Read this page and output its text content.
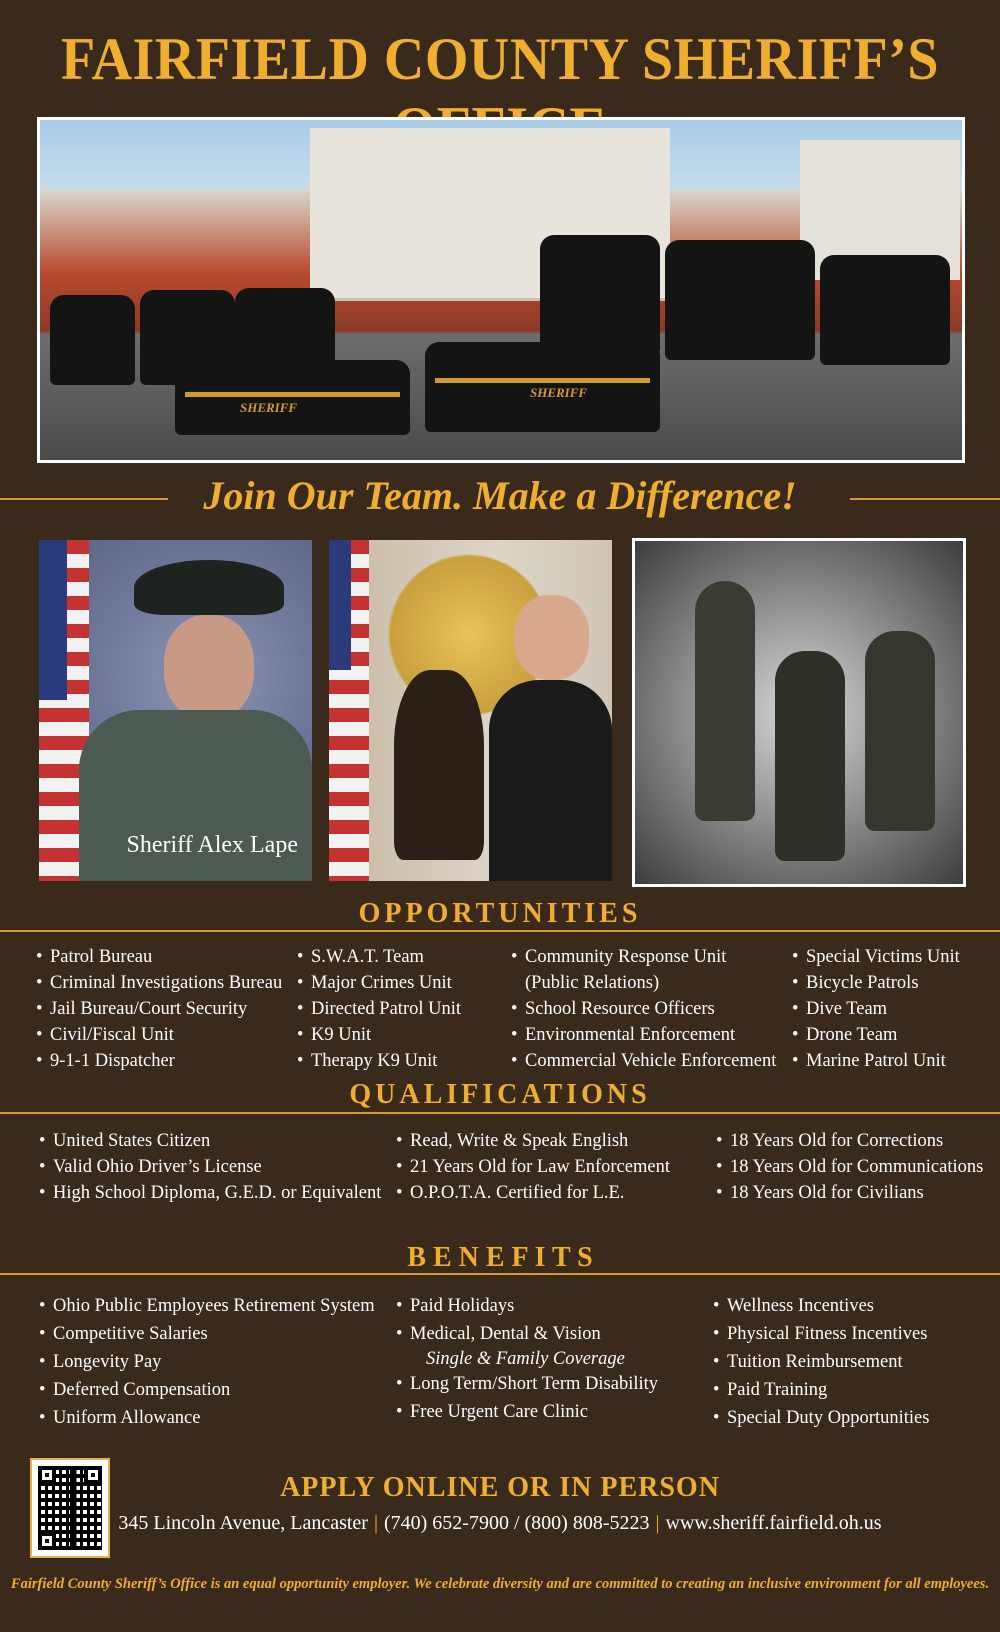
FAIRFIELD COUNTY SHERIFF’S
SHERIFF
SHERIFF
Join Our Team. Make a Difference!
Sheriff Alex Lape
OPPORTUNITIES
• Patrol Bureau
• Criminal Investigations Bureau
• Jail Bureau/Court Security
• Civil/Fiscal Unit
• 9-1-1 Dispatcher
• S.W.A.T. Team
• Major Crimes Unit
• Directed Patrol Unit
• K9 Unit
• Therapy K9 Unit
• Community Response Unit
(Public Relations)
• School Resource Officers
• Environmental Enforcement
• Commercial Vehicle Enforcement
• Special Victims Unit
• Bicycle Patrols
• Dive Team
• Drone Team
• Marine Patrol Unit
QUALIFICATIONS
• United States Citizen
• Valid Ohio Driver’s License
• High School Diploma, G.E.D. or Equivalent
• Read, Write & Speak English
• 21 Years Old for Law Enforcement
• O.P.O.T.A. Certified for L.E.
• 18 Years Old for Corrections
• 18 Years Old for Communications
• 18 Years Old for Civilians
B E N E F I T S
• Ohio Public Employees Retirement System
• Competitive Salaries
• Longevity Pay
• Deferred Compensation
• Uniform Allowance
• Paid Holidays
• Medical, Dental & Vision
Single & Family Coverage
• Long Term/Short Term Disability
• Free Urgent Care Clinic
• Wellness Incentives
• Physical Fitness Incentives
• Tuition Reimbursement
• Paid Training
• Special Duty Opportunities
APPLY ONLINE OR IN PERSON
345 Lincoln Avenue, Lancaster | (740) 652-7900 / (800) 808-5223 | www.sheriff.fairfield.oh.us
Fairfield County Sheriff’s Office is an equal opportunity employer. We celebrate diversity and are committed to creating an inclusive environment for all employees.
